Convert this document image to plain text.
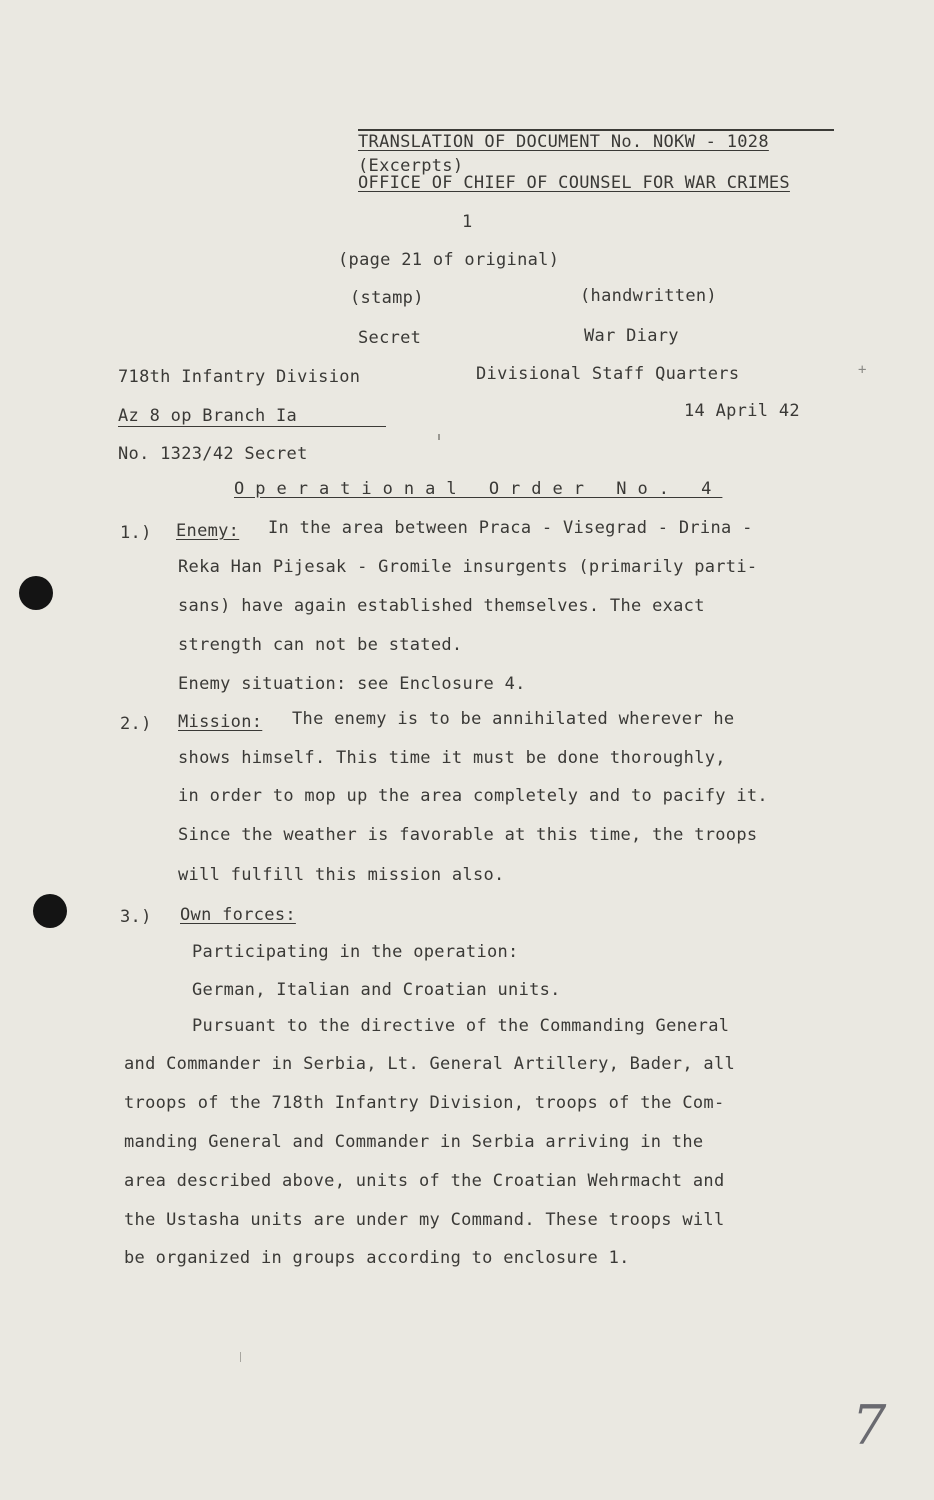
TRANSLATION OF DOCUMENT No. NOKW - 1028
(Excerpts)
OFFICE OF CHIEF OF COUNSEL FOR WAR CRIMES
1
(page 21 of original)
(stamp)	(handwritten)
Secret	War Diary
718th Infantry Division	Divisional Staff Quarters	+
Az 8 op Branch Ia	14 April 42
No. 1323/42 Secret
Operational Order No. 4
1.) Enemy: In the area between Praca - Visegrad - Drina -
Reka Han Pijesak - Gromile insurgents (primarily parti-
sans) have again established themselves. The exact
strength can not be stated.
Enemy situation: see Enclosure 4.
2.) Mission: The enemy is to be annihilated wherever he
shows himself. This time it must be done thoroughly,
in order to mop up the area completely and to pacify it.
Since the weather is favorable at this time, the troops
will fulfill this mission also.
3.) Own forces:
Participating in the operation:
German, Italian and Croatian units.
Pursuant to the directive of the Commanding General
and Commander in Serbia, Lt. General Artillery, Bader, all
troops of the 718th Infantry Division, troops of the Com-
manding General and Commander in Serbia arriving in the
area described above, units of the Croatian Wehrmacht and
the Ustasha units are under my Command. These troops will
be organized in groups according to enclosure 1.
7
